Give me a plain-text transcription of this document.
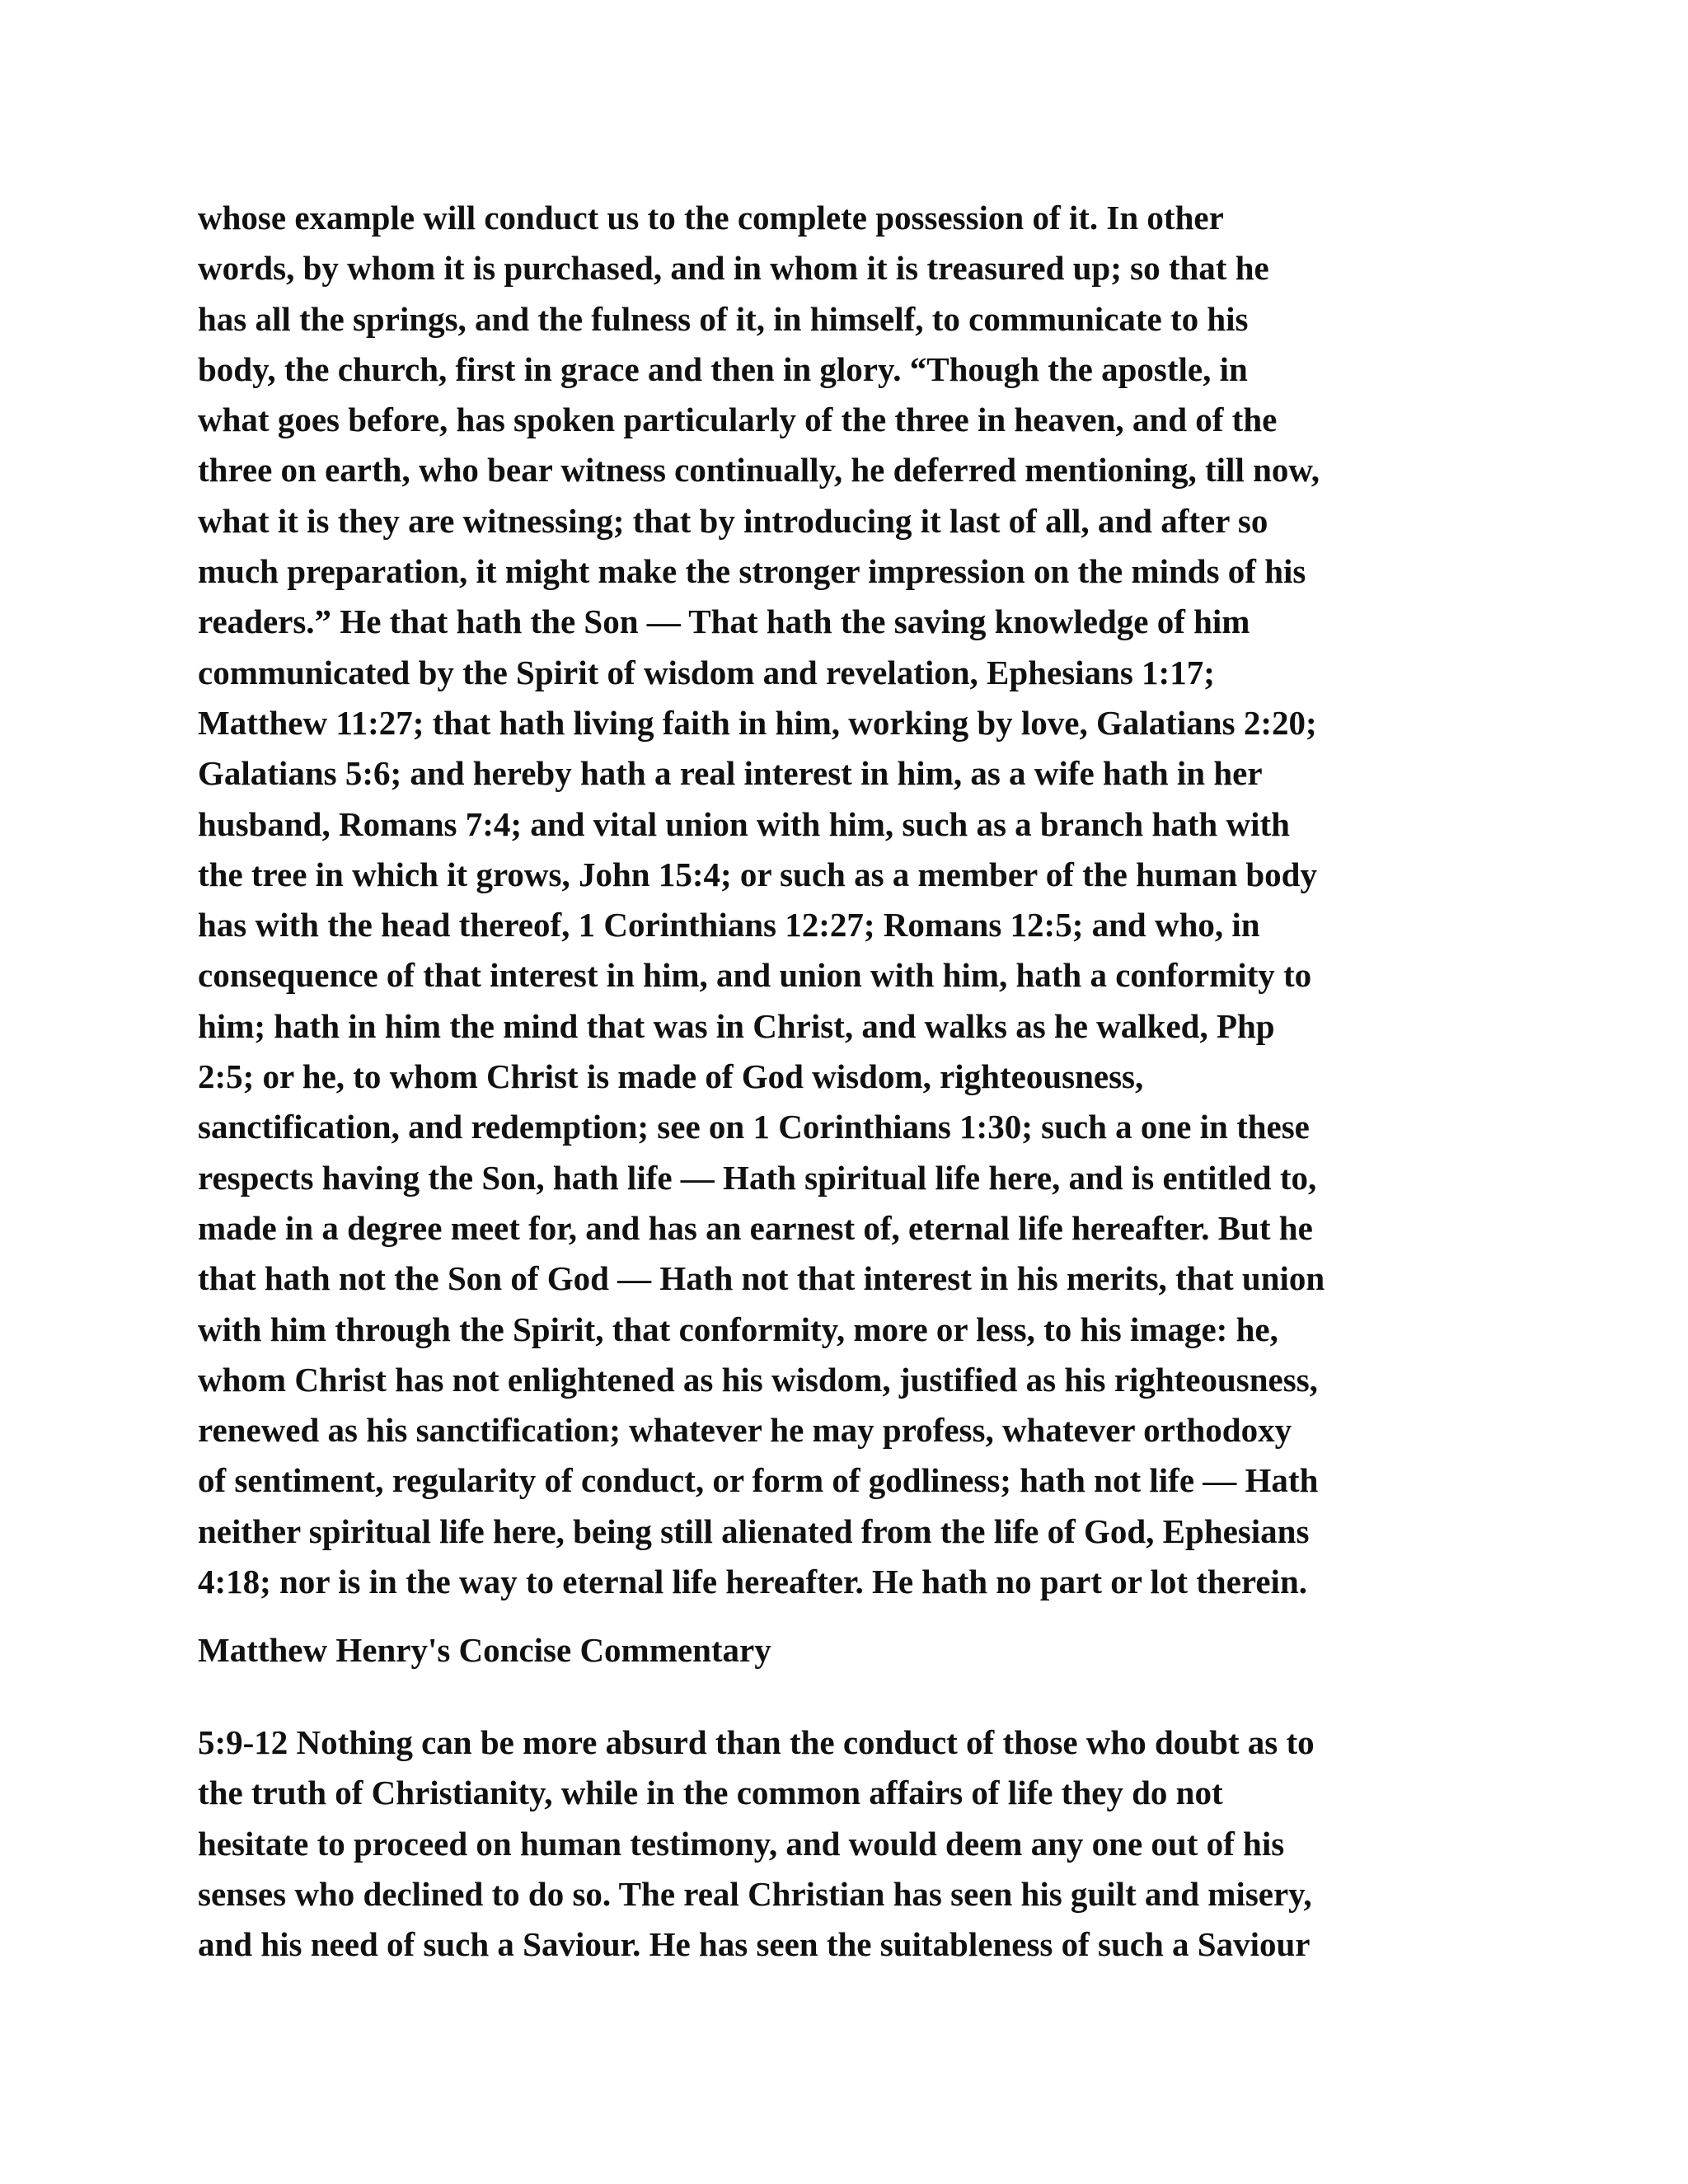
whose example will conduct us to the complete possession of it. In other
words, by whom it is purchased, and in whom it is treasured up; so that he
has all the springs, and the fulness of it, in himself, to communicate to his
body, the church, first in grace and then in glory. “Though the apostle, in
what goes before, has spoken particularly of the three in heaven, and of the
three on earth, who bear witness continually, he deferred mentioning, till now,
what it is they are witnessing; that by introducing it last of all, and after so
much preparation, it might make the stronger impression on the minds of his
readers.” He that hath the Son — That hath the saving knowledge of him
communicated by the Spirit of wisdom and revelation, Ephesians 1:17;
Matthew 11:27; that hath living faith in him, working by love, Galatians 2:20;
Galatians 5:6; and hereby hath a real interest in him, as a wife hath in her
husband, Romans 7:4; and vital union with him, such as a branch hath with
the tree in which it grows, John 15:4; or such as a member of the human body
has with the head thereof, 1 Corinthians 12:27; Romans 12:5; and who, in
consequence of that interest in him, and union with him, hath a conformity to
him; hath in him the mind that was in Christ, and walks as he walked, Php
2:5; or he, to whom Christ is made of God wisdom, righteousness,
sanctification, and redemption; see on 1 Corinthians 1:30; such a one in these
respects having the Son, hath life — Hath spiritual life here, and is entitled to,
made in a degree meet for, and has an earnest of, eternal life hereafter. But he
that hath not the Son of God — Hath not that interest in his merits, that union
with him through the Spirit, that conformity, more or less, to his image: he,
whom Christ has not enlightened as his wisdom, justified as his righteousness,
renewed as his sanctification; whatever he may profess, whatever orthodoxy
of sentiment, regularity of conduct, or form of godliness; hath not life — Hath
neither spiritual life here, being still alienated from the life of God, Ephesians
4:18; nor is in the way to eternal life hereafter. He hath no part or lot therein.
Matthew Henry's Concise Commentary
5:9-12 Nothing can be more absurd than the conduct of those who doubt as to
the truth of Christianity, while in the common affairs of life they do not
hesitate to proceed on human testimony, and would deem any one out of his
senses who declined to do so. The real Christian has seen his guilt and misery,
and his need of such a Saviour. He has seen the suitableness of such a Saviour
